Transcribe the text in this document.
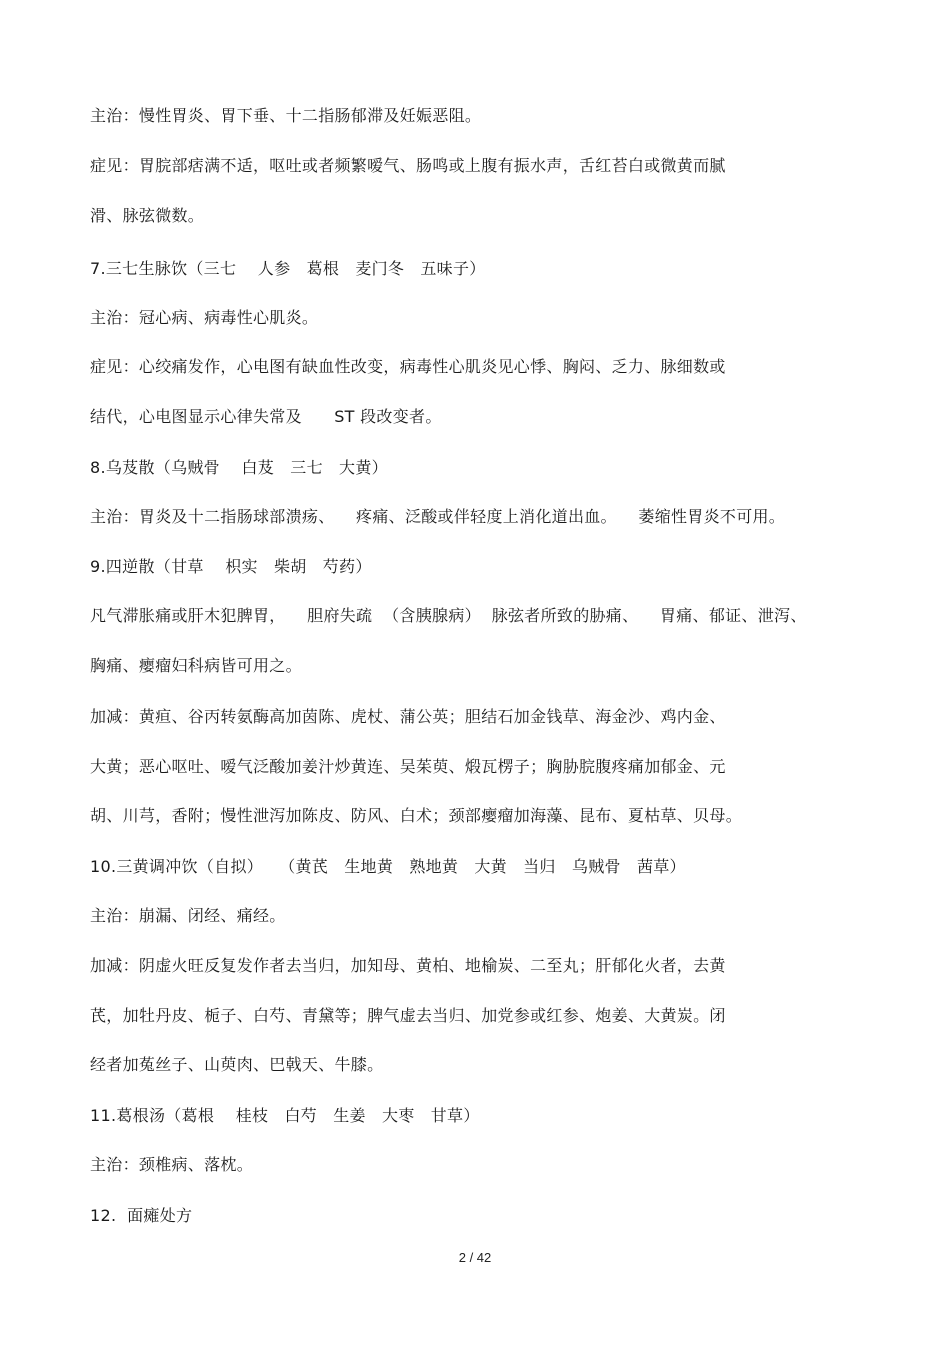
主治：慢性胃炎、胃下垂、十二指肠郁滞及妊娠恶阻。
症见：胃脘部痞满不适，呕吐或者频繁嗳气、肠鸣或上腹有振水声，舌红苔白或微黄而腻
滑、脉弦微数。
7.三七生脉饮（三七    人参   葛根   麦门冬   五味子）
主治：冠心病、病毒性心肌炎。
症见：心绞痛发作，心电图有缺血性改变，病毒性心肌炎见心悸、胸闷、乏力、脉细数或
结代，心电图显示心律失常及      ST 段改变者。
8.乌芨散（乌贼骨    白芨   三七   大黄）
主治：胃炎及十二指肠球部溃疡、    疼痛、泛酸或伴轻度上消化道出血。    萎缩性胃炎不可用。
9.四逆散（甘草    枳实   柴胡   芍药）
凡气滞胀痛或肝木犯脾胃，    胆府失疏  （含胰腺病）  脉弦者所致的胁痛、    胃痛、郁证、泄泻、
胸痛、瘿瘤妇科病皆可用之。
加减：黄疸、谷丙转氨酶高加茵陈、虎杖、蒲公英；胆结石加金钱草、海金沙、鸡内金、
大黄；恶心呕吐、嗳气泛酸加姜汁炒黄连、吴茱萸、煅瓦楞子；胸胁脘腹疼痛加郁金、元
胡、川芎，香附；慢性泄泻加陈皮、防风、白术；颈部瘿瘤加海藻、昆布、夏枯草、贝母。
10.三黄调冲饮（自拟）   （黄芪   生地黄   熟地黄   大黄   当归   乌贼骨   茜草）
主治：崩漏、闭经、痛经。
加减：阴虚火旺反复发作者去当归，加知母、黄柏、地榆炭、二至丸；肝郁化火者，去黄
芪，加牡丹皮、栀子、白芍、青黛等；脾气虚去当归、加党参或红参、炮姜、大黄炭。闭
经者加菟丝子、山萸肉、巴戟天、牛膝。
11.葛根汤（葛根    桂枝   白芍   生姜   大枣   甘草）
主治：颈椎病、落枕。
12.  面瘫处方
2 / 42
